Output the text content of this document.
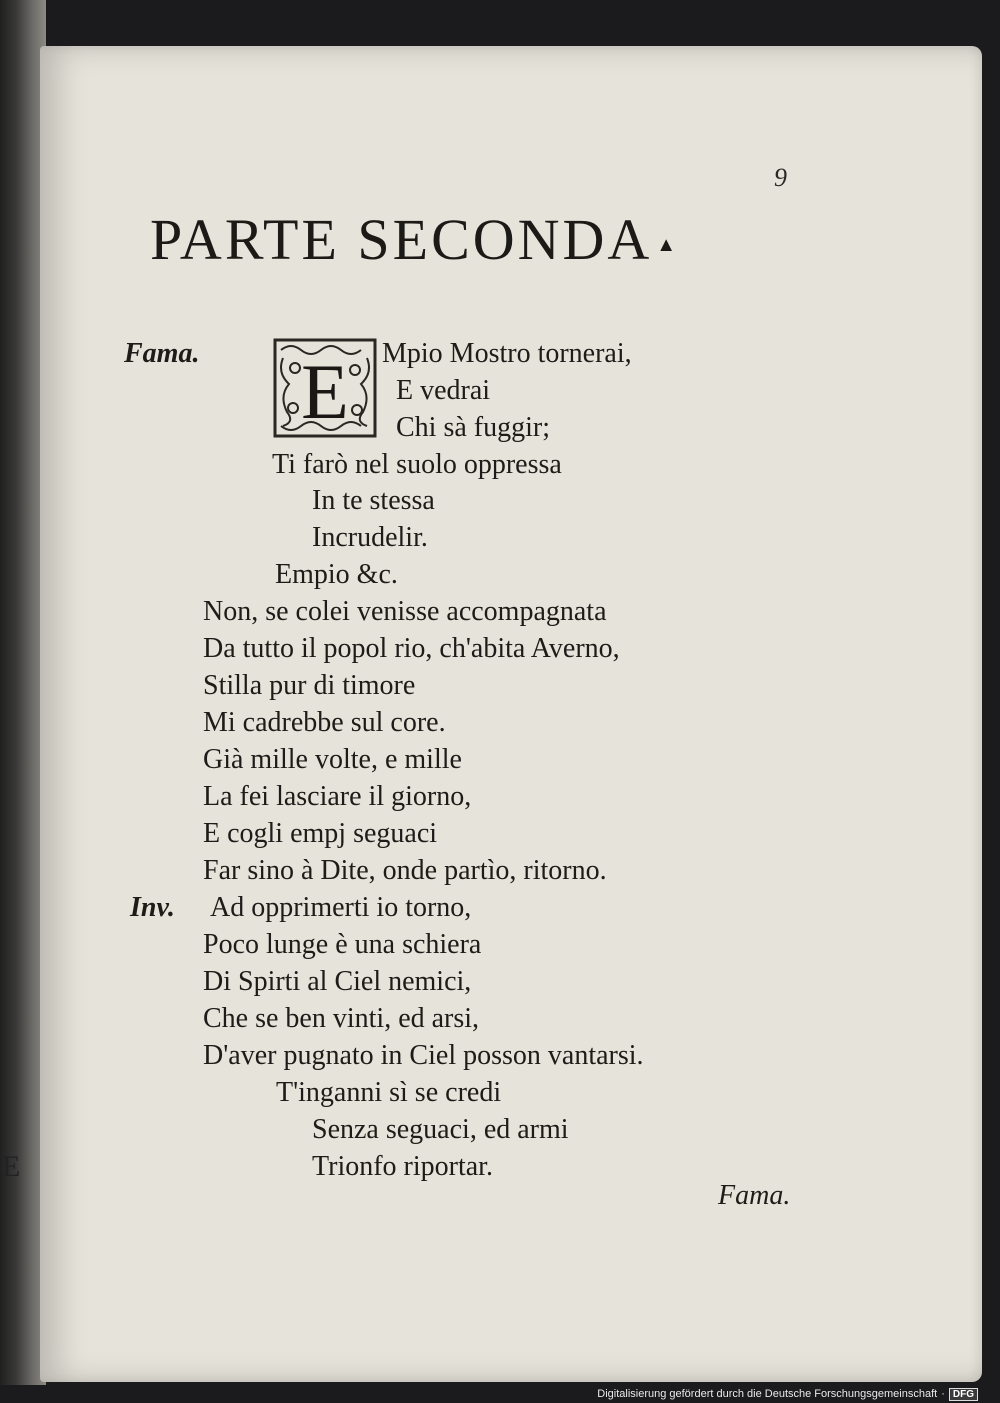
E
9
PARTE SECONDA ▲
E
Fama.
Inv.
Mpio Mostro tornerai,
E vedrai
Chi sà fuggir;
Ti farò nel suolo oppressa
In te stessa
Incrudelir.
Empio &c.
Non, se colei venisse accompagnata
Da tutto il popol rio, ch'abita Averno,
Stilla pur di timore
Mi cadrebbe sul core.
Già mille volte, e mille
La fei lasciare il giorno,
E cogli empj seguaci
Far sino à Dite, onde partìo, ritorno.
Ad opprimerti io torno,
Poco lunge è una schiera
Di Spirti al Ciel nemici,
Che se ben vinti, ed arsi,
D'aver pugnato in Ciel posson vantarsi.
T'inganni sì se credi
Senza seguaci, ed armi
Trionfo riportar.
Fama.
Digitalisierung gefördert durch die Deutsche Forschungsgemeinschaft · DFG
